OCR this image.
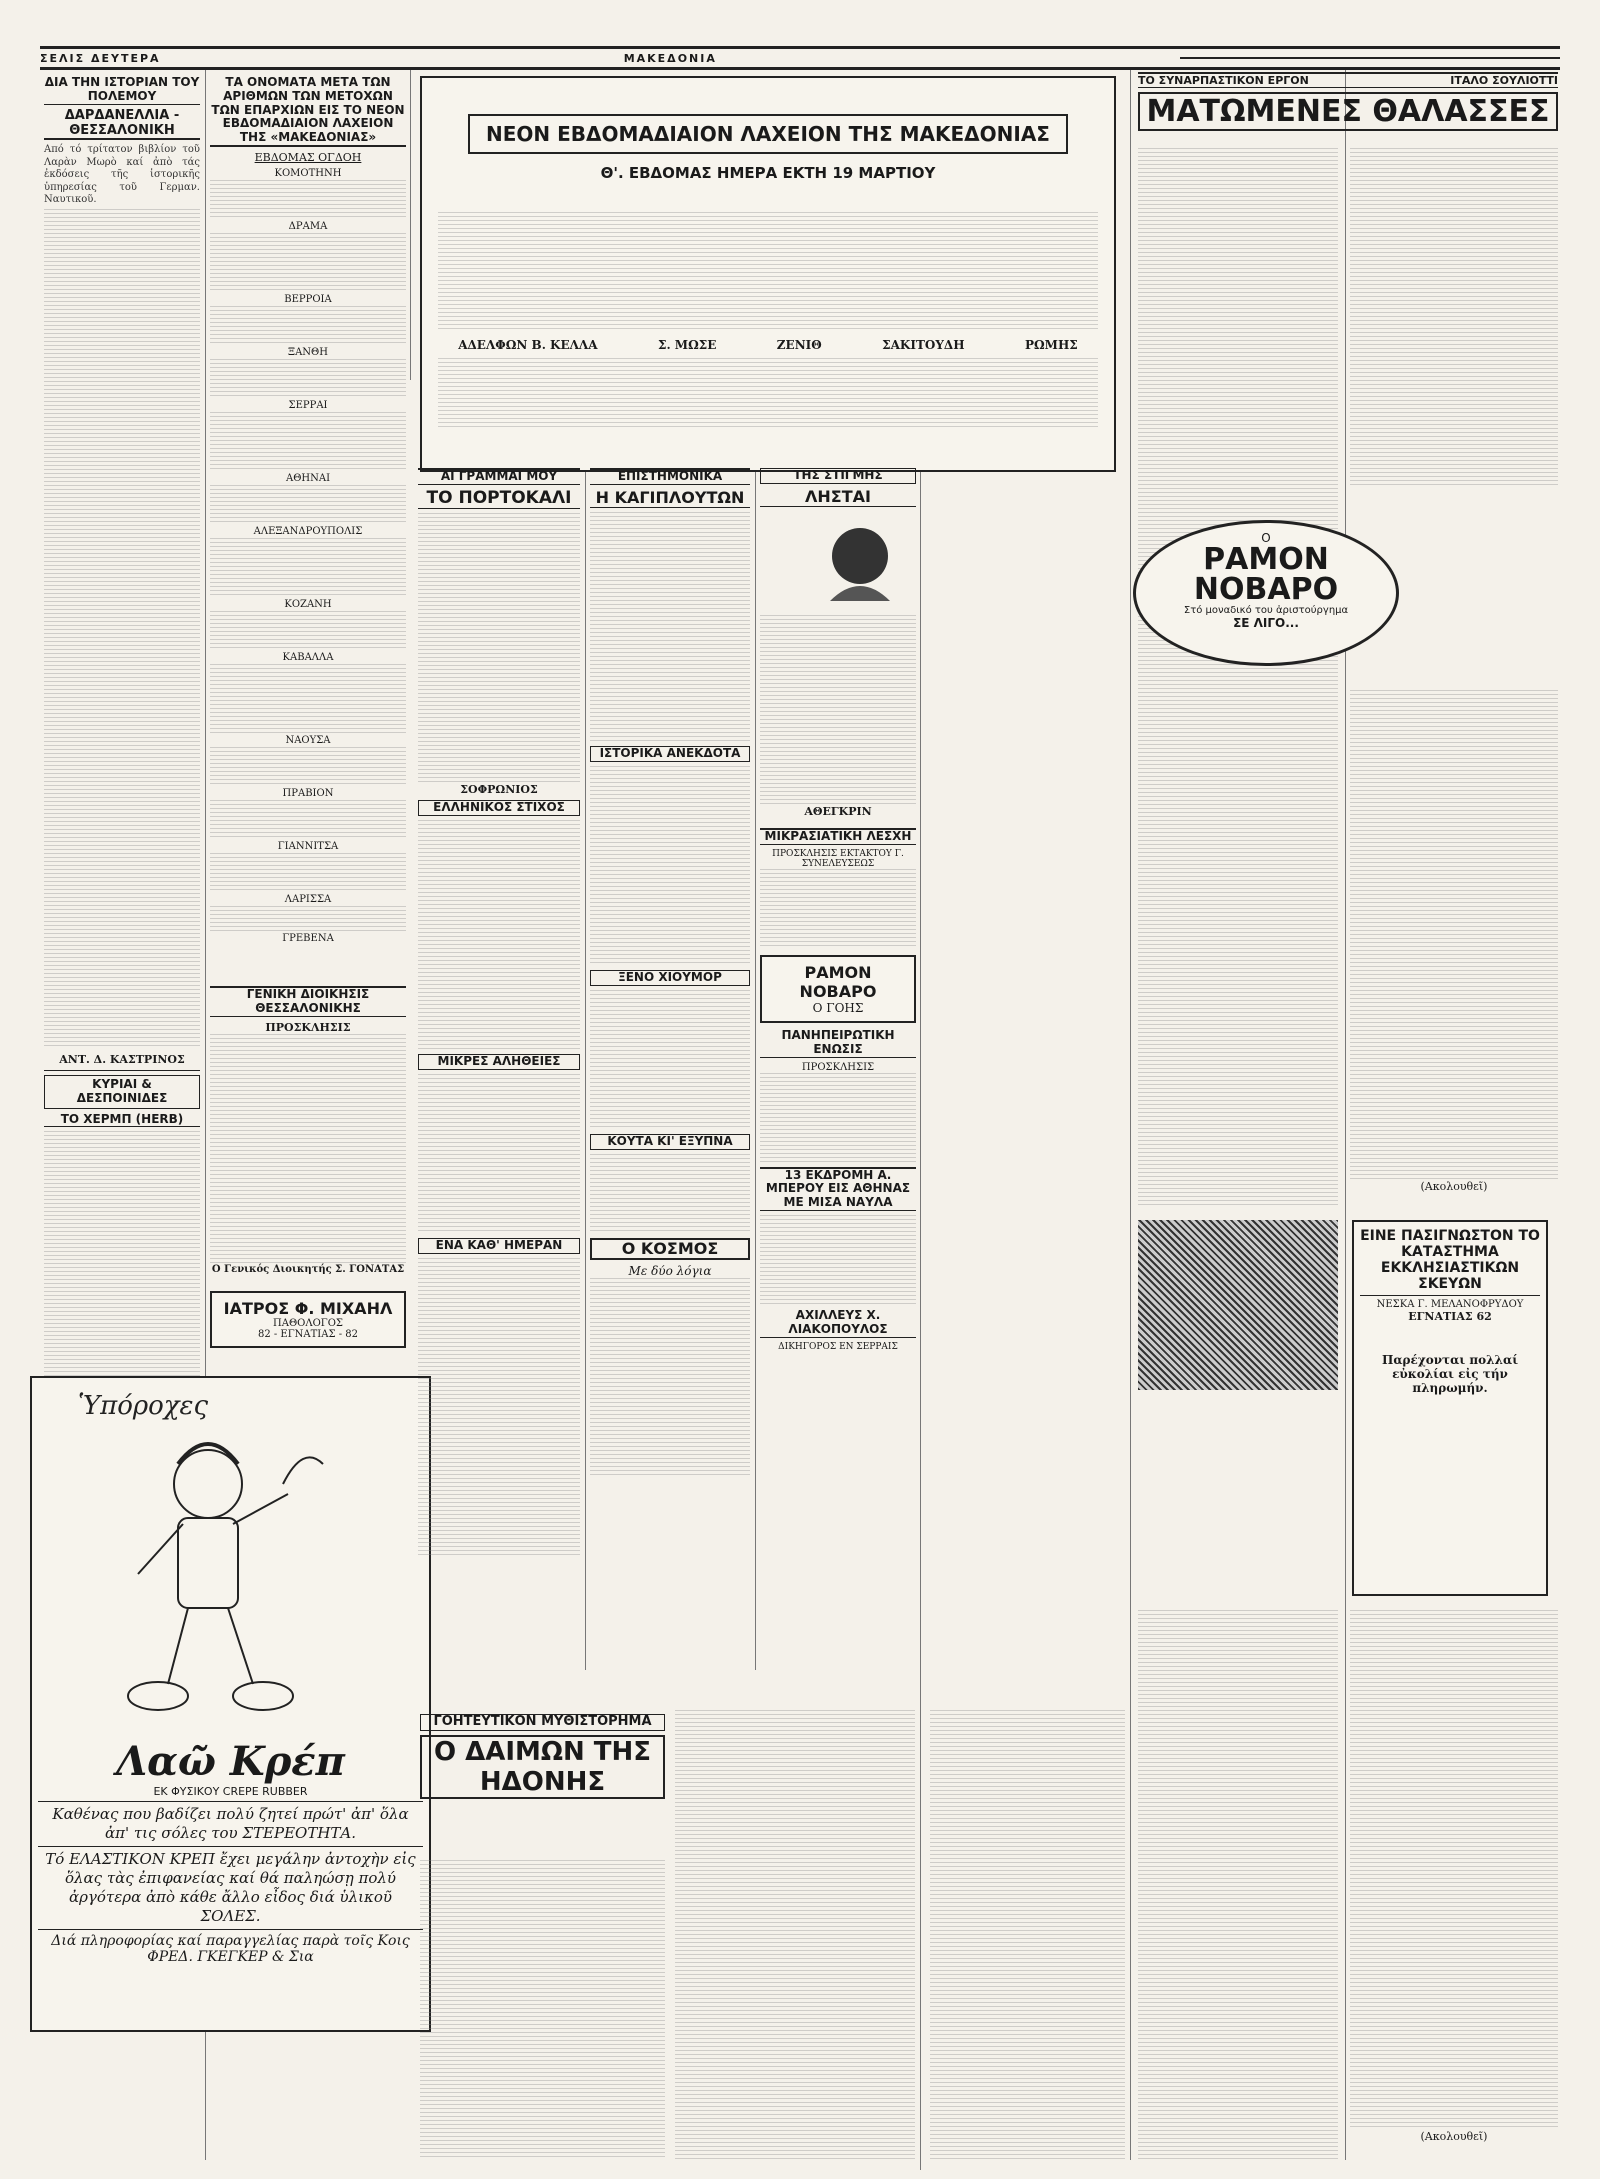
ΣΕΛΙΣ ΔΕΥΤΕΡΑ	ΜΑΚΕΔΟΝΙΑ
ΔΙΑ ΤΗΝ ΙΣΤΟΡΙΑΝ ΤΟΥ ΠΟΛΕΜΟΥ
ΔΑΡΔΑΝΕΛΛΙΑ - ΘΕΣΣΑΛΟΝΙΚΗ

Από τό τρίτατον βιβλίον τοῦ Λαρὰν Μωρὸ καί ἀπὸ τάς ἐκδόσεις τῆς ἱστορικῆς ὑπηρεσίας τοῦ Γερμαν. Ναυτικοῦ.

ΑΝΤ. Δ. ΚΑΣΤΡΙΝΟΣ
ΚΥΡΙΑΙ & ΔΕΣΠΟΙΝΙΔΕΣ
ΤΟ ΧΕΡΜΠ (HERB)
ΤΑ ΟΝΟΜΑΤΑ ΜΕΤΑ ΤΩΝ ΑΡΙΘΜΩΝ ΤΩΝ ΜΕΤΟΧΩΝ ΤΩΝ ΕΠΑΡΧΙΩΝ ΕΙΣ ΤΟ ΝΕΟΝ ΕΒΔΟΜΑΔΙΑΙΟΝ ΛΑΧΕΙΟΝ ΤΗΣ «ΜΑΚΕΔΟΝΙΑΣ»
ΕΒΔΟΜΑΣ ΟΓΔΟΗ
ΚΟΜΟΤΗΝΗ
ΔΡΑΜΑ
ΒΕΡΡΟΙΑ
ΞΑΝΘΗ
ΣΕΡΡΑΙ
ΑΘΗΝΑΙ
ΑΛΕΞΑΝΔΡΟΥΠΟΛΙΣ
ΚΟΖΑΝΗ
ΚΑΒΑΛΛΑ
ΝΑΟΥΣΑ
ΠΡΑΒΙΟΝ
ΓΙΑΝΝΙΤΣΑ
ΛΑΡΙΣΣΑ
ΓΡΕΒΕΝΑ
ΓΕΝΙΚΗ ΔΙΟΙΚΗΣΙΣ ΘΕΣΣΑΛΟΝΙΚΗΣ
ΠΡΟΣΚΛΗΣΙΣ
Ο Γενικός Διοικητής Σ. ΓΟΝΑΤΑΣ
ΙΑΤΡΟΣ Φ. ΜΙΧΑΗΛ
ΠΑΘΟΛΟΓΟΣ
82 - ΕΓΝΑΤΙΑΣ - 82
Ὑπόροχες
Λαῶ Κρέπ
ΕΚ ΦΥΣΙΚΟΥ CREPE RUBBER
Καθένας που βαδίζει πολύ ζητεί πρώτ' ἀπ' ὅλα ἀπ' τις σόλες του ΣΤΕΡΕΟΤΗΤΑ.
Τό ΕΛΑΣΤΙΚΟΝ ΚΡΕΠ ἔχει μεγάλην ἀντοχὴν εἰς ὅλας τὰς ἐπιφανείας καί θά παληώσῃ πολύ ἀργότερα ἀπὸ κάθε ἄλλο εἶδος διά ὑλικοῦ ΣΟΛΕΣ.
Διά πληροφορίας καί παραγγελίας παρὰ τοῖς Κοις ΦΡΕΔ. ΓΚΕΓΚΕΡ & Σια
ΝΕΟΝ ΕΒΔΟΜΑΔΙΑΙΟΝ ΛΑΧΕΙΟΝ ΤΗΣ ΜΑΚΕΔΟΝΙΑΣ
Θ'. ΕΒΔΟΜΑΣ ΗΜΕΡΑ ΕΚΤΗ 19 ΜΑΡΤΙΟΥ
ΑΔΕΛΦΩΝ Β. ΚΕΛΛΑ	Σ. ΜΩΣΕ	ΖΕΝΙΘ	ΣΑΚΙΤΟΥΔΗ	ΡΩΜΗΣ
ΑΙ ΓΡΑΜΜΑΙ ΜΟΥ
ΤΟ ΠΟΡΤΟΚΑΛΙ
ΣΟΦΡΩΝΙΟΣ
ΕΛΛΗΝΙΚΟΣ ΣΤΙΧΟΣ
ΜΙΚΡΕΣ ΑΛΗΘΕΙΕΣ
ΕΝΑ ΚΑΘ' ΗΜΕΡΑΝ
ΕΠΙΣΤΗΜΟΝΙΚΑ
Η ΚΑΓΙΠΛΟΥΤΩΝ
ΙΣΤΟΡΙΚΑ ΑΝΕΚΔΟΤΑ
ΞΕΝΟ ΧΙΟΥΜΟΡ
ΚΟΥΤΑ ΚΙ' ΕΞΥΠΝΑ
Ο ΚΟΣΜΟΣ
Με δύο λόγια
ΤΗΣ ΣΤΙΓΜΗΣ
ΛΗΣΤΑΙ
ΑΘΕΓΚΡΙΝ
ΜΙΚΡΑΣΙΑΤΙΚΗ ΛΕΣΧΗ
ΠΡΟΣΚΛΗΣΙΣ ΕΚΤΑΚΤΟΥ Γ. ΣΥΝΕΛΕΥΣΕΩΣ
ΡΑΜΟΝ ΝΟΒΑΡΟ
Ο ΓΟΗΣ
ΠΑΝΗΠΕΙΡΩΤΙΚΗ ΕΝΩΣΙΣ
ΠΡΟΣΚΛΗΣΙΣ
13 ΕΚΔΡΟΜΗ Α. ΜΠΕΡΟΥ ΕΙΣ ΑΘΗΝΑΣ ΜΕ ΜΙΣΑ ΝΑΥΛΑ
ΑΧΙΛΛΕΥΣ Χ. ΛΙΑΚΟΠΟΥΛΟΣ
ΔΙΚΗΓΟΡΟΣ ΕΝ ΣΕΡΡΑΙΣ
ΤΟ ΣΥΝΑΡΠΑΣΤΙΚΟΝ ΕΡΓΟΝ	ΙΤΑΛΟ ΣΟΥΛΙΟΤΤΙ
ΜΑΤΩΜΕΝΕΣ ΘΑΛΑΣΣΕΣ
Ο
ΡΑΜΟΝ ΝΟΒΑΡΟ
Στό μοναδικό του ἀριστούργημα
ΣΕ ΛΙΓΟ...
(Ακολουθεῖ)
ΕΙΝΕ ΠΑΣΙΓΝΩΣΤΟΝ ΤΟ ΚΑΤΑΣΤΗΜΑ ΕΚΚΛΗΣΙΑΣΤΙΚΩΝ ΣΚΕΥΩΝ
ΝΕΣΚΑ Γ. ΜΕΛΑΝΟΦΡΥΔΟΥ
ΕΓΝΑΤΙΑΣ 62
Παρέχονται πολλαί εὐκολίαι εἰς τήν πληρωμήν.
ΓΟΗΤΕΥΤΙΚΟΝ ΜΥΘΙΣΤΟΡΗΜΑ
Ο ΔΑΙΜΩΝ ΤΗΣ ΗΔΟΝΗΣ
(Ακολουθεῖ)
